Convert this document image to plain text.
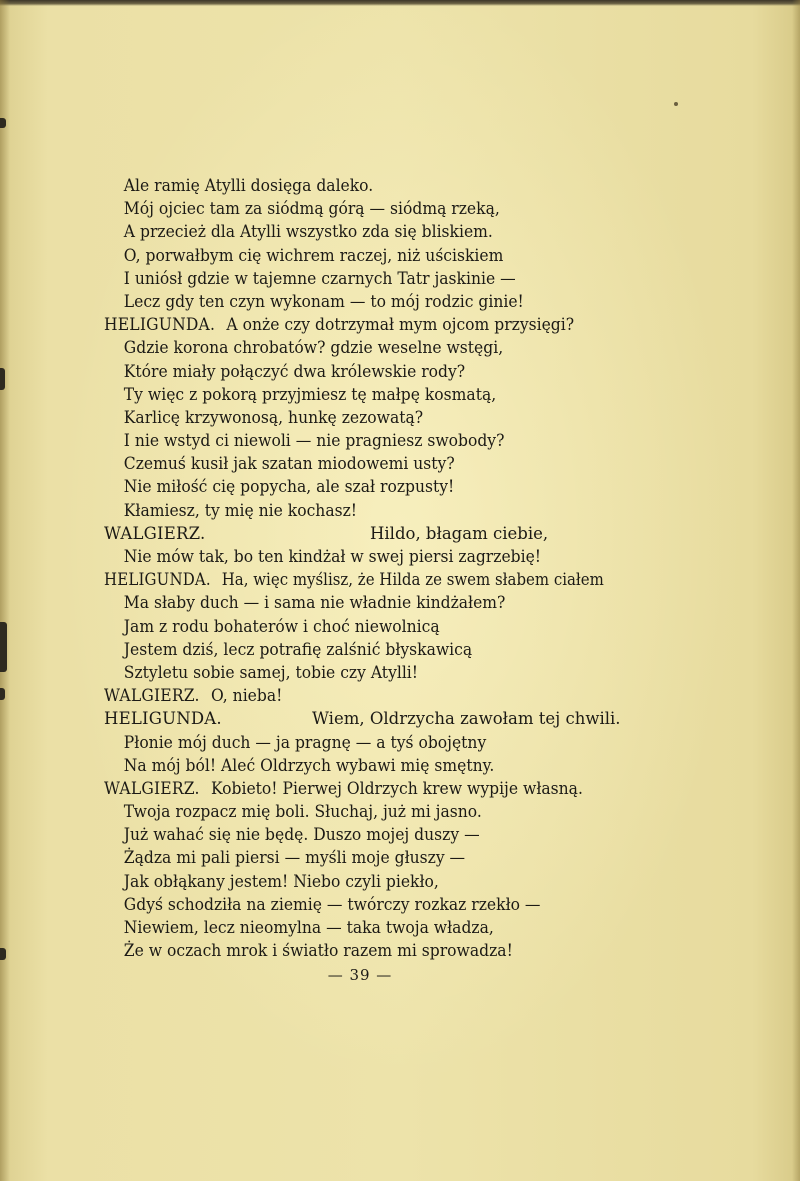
Ale ramię Atylli dosięga daleko.
Mój ojciec tam za siódmą górą — siódmą rzeką,
A przecież dla Atylli wszystko zda się bliskiem.
O, porwałbym cię wichrem raczej, niż uściskiem
I uniósł gdzie w tajemne czarnych Tatr jaskinie —
Lecz gdy ten czyn wykonam — to mój rodzic ginie!
HELIGUNDA. A onże czy dotrzymał mym ojcom przysięgi?
Gdzie korona chrobatów? gdzie weselne wstęgi,
Które miały połączyć dwa królewskie rody?
Ty więc z pokorą przyjmiesz tę małpę kosmatą,
Karlicę krzywonosą, hunkę zezowatą?
I nie wstyd ci niewoli — nie pragniesz swobody?
Czemuś kusił jak szatan miodowemi usty?
Nie miłość cię popycha, ale szał rozpusty!
Kłamiesz, ty mię nie kochasz!
WALGIERZ.	Hildo, błagam ciebie,
Nie mów tak, bo ten kindżał w swej piersi zagrzebię!
HELIGUNDA. Ha, więc myślisz, że Hilda ze swem słabem ciałem
Ma słaby duch — i sama nie władnie kindżałem?
Jam z rodu bohaterów i choć niewolnicą
Jestem dziś, lecz potrafię zalśnić błyskawicą
Sztyletu sobie samej, tobie czy Atylli!
WALGIERZ. O, nieba!
HELIGUNDA.	Wiem, Oldrzycha zawołam tej chwili.
Płonie mój duch — ja pragnę — a tyś obojętny
Na mój ból! Aleć Oldrzych wybawi mię smętny.
WALGIERZ. Kobieto! Pierwej Oldrzych krew wypije własną.
Twoja rozpacz mię boli. Słuchaj, już mi jasno.
Już wahać się nie będę. Duszo mojej duszy —
Żądza mi pali piersi — myśli moje głuszy —
Jak obłąkany jestem! Niebo czyli piekło,
Gdyś schodziła na ziemię — twórczy rozkaz rzekło —
Niewiem, lecz nieomylna — taka twoja władza,
Że w oczach mrok i światło razem mi sprowadza!
— 39 —
